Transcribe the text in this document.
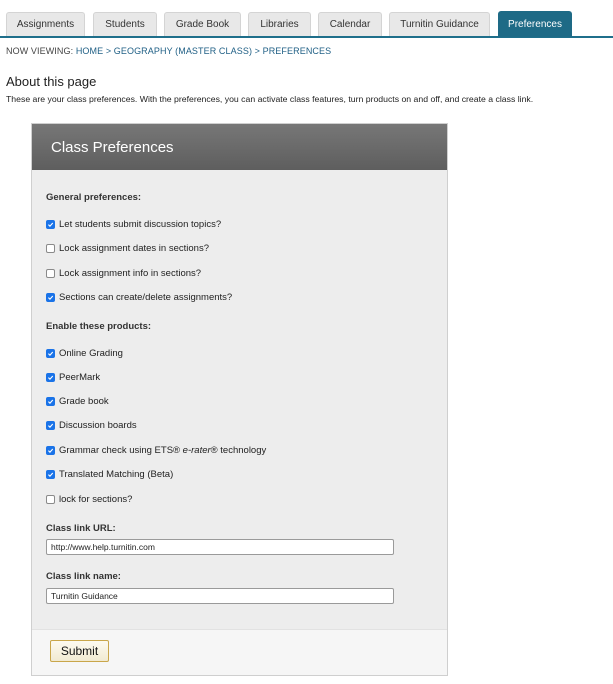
Assignments	Students	Grade Book	Libraries	Calendar	Turnitin Guidance	Preferences
NOW VIEWING: HOME > GEOGRAPHY (MASTER CLASS) > PREFERENCES
About this page
These are your class preferences. With the preferences, you can activate class features, turn products on and off, and create a class link.
Class Preferences
General preferences:
Let students submit discussion topics?
Lock assignment dates in sections?
Lock assignment info in sections?
Sections can create/delete assignments?
Enable these products:
Online Grading
PeerMark
Grade book
Discussion boards
Grammar check using ETS® e-rater® technology
Translated Matching (Beta)
lock for sections?
Class link URL:
http://www.help.turnitin.com
Class link name:
Turnitin Guidance
Submit
